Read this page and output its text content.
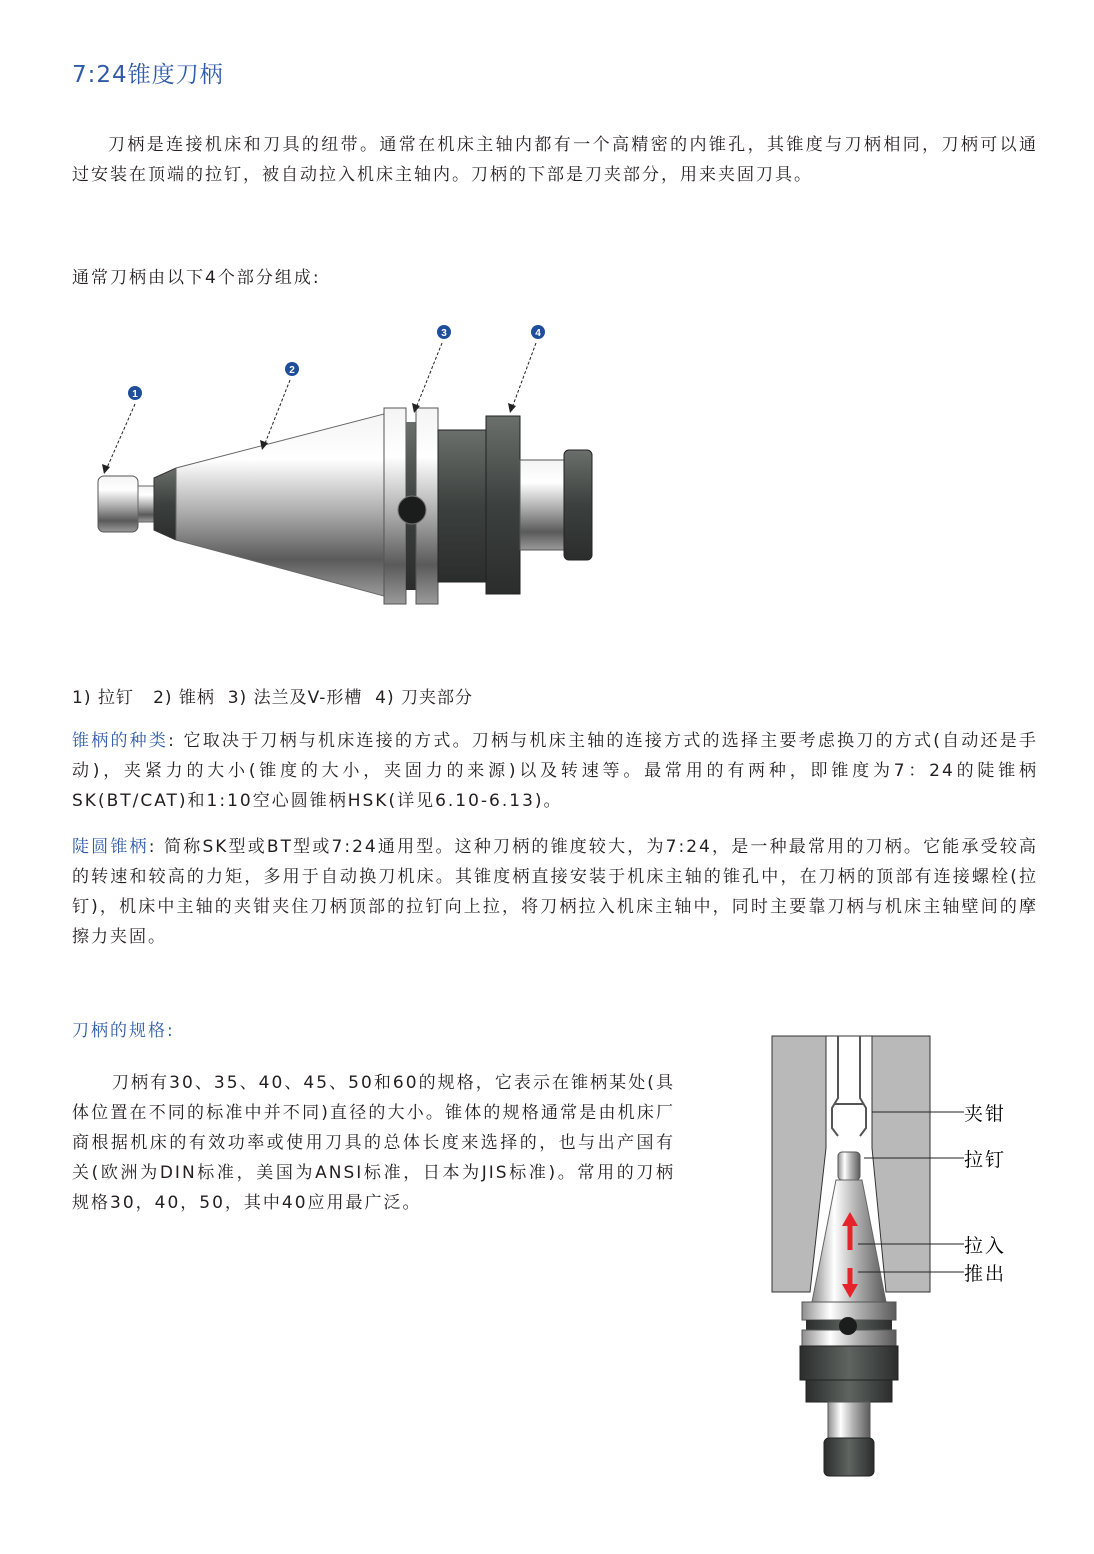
7:24锥度刀柄

刀柄是连接机床和刀具的纽带。通常在机床主轴内都有一个高精密的内锥孔，其锥度与刀柄相同，刀柄可以通过安装在顶端的拉钉，被自动拉入机床主轴内。刀柄的下部是刀夹部分，用来夹固刀具。

通常刀柄由以下4个部分组成:
1
2
3	4
1) 拉钉   2) 锥柄  3) 法兰及V-形槽  4) 刀夹部分

锥柄的种类: 它取决于刀柄与机床连接的方式。刀柄与机床主轴的连接方式的选择主要考虑换刀的方式(自动还是手动)，夹紧力的大小(锥度的大小，夹固力的来源)以及转速等。最常用的有两种，即锥度为7：24的陡锥柄SK(BT/CAT)和1:10空心圆锥柄HSK(详见6.10-6.13)。

陡圆锥柄: 简称SK型或BT型或7:24通用型。这种刀柄的锥度较大，为7:24，是一种最常用的刀柄。它能承受较高的转速和较高的力矩，多用于自动换刀机床。其锥度柄直接安装于机床主轴的锥孔中，在刀柄的顶部有连接螺栓(拉钉)，机床中主轴的夹钳夹住刀柄顶部的拉钉向上拉，将刀柄拉入机床主轴中，同时主要靠刀柄与机床主轴壁间的摩擦力夹固。

刀柄的规格:

刀柄有30、35、40、45、50和60的规格，它表示在锥柄某处(具体位置在不同的标准中并不同)直径的大小。锥体的规格通常是由机床厂商根据机床的有效功率或使用刀具的总体长度来选择的，也与出产国有关(欧洲为DIN标准，美国为ANSI标准，日本为JIS标准)。常用的刀柄规格30，40，50，其中40应用最广泛。

夹钳
拉钉
拉入
推出
